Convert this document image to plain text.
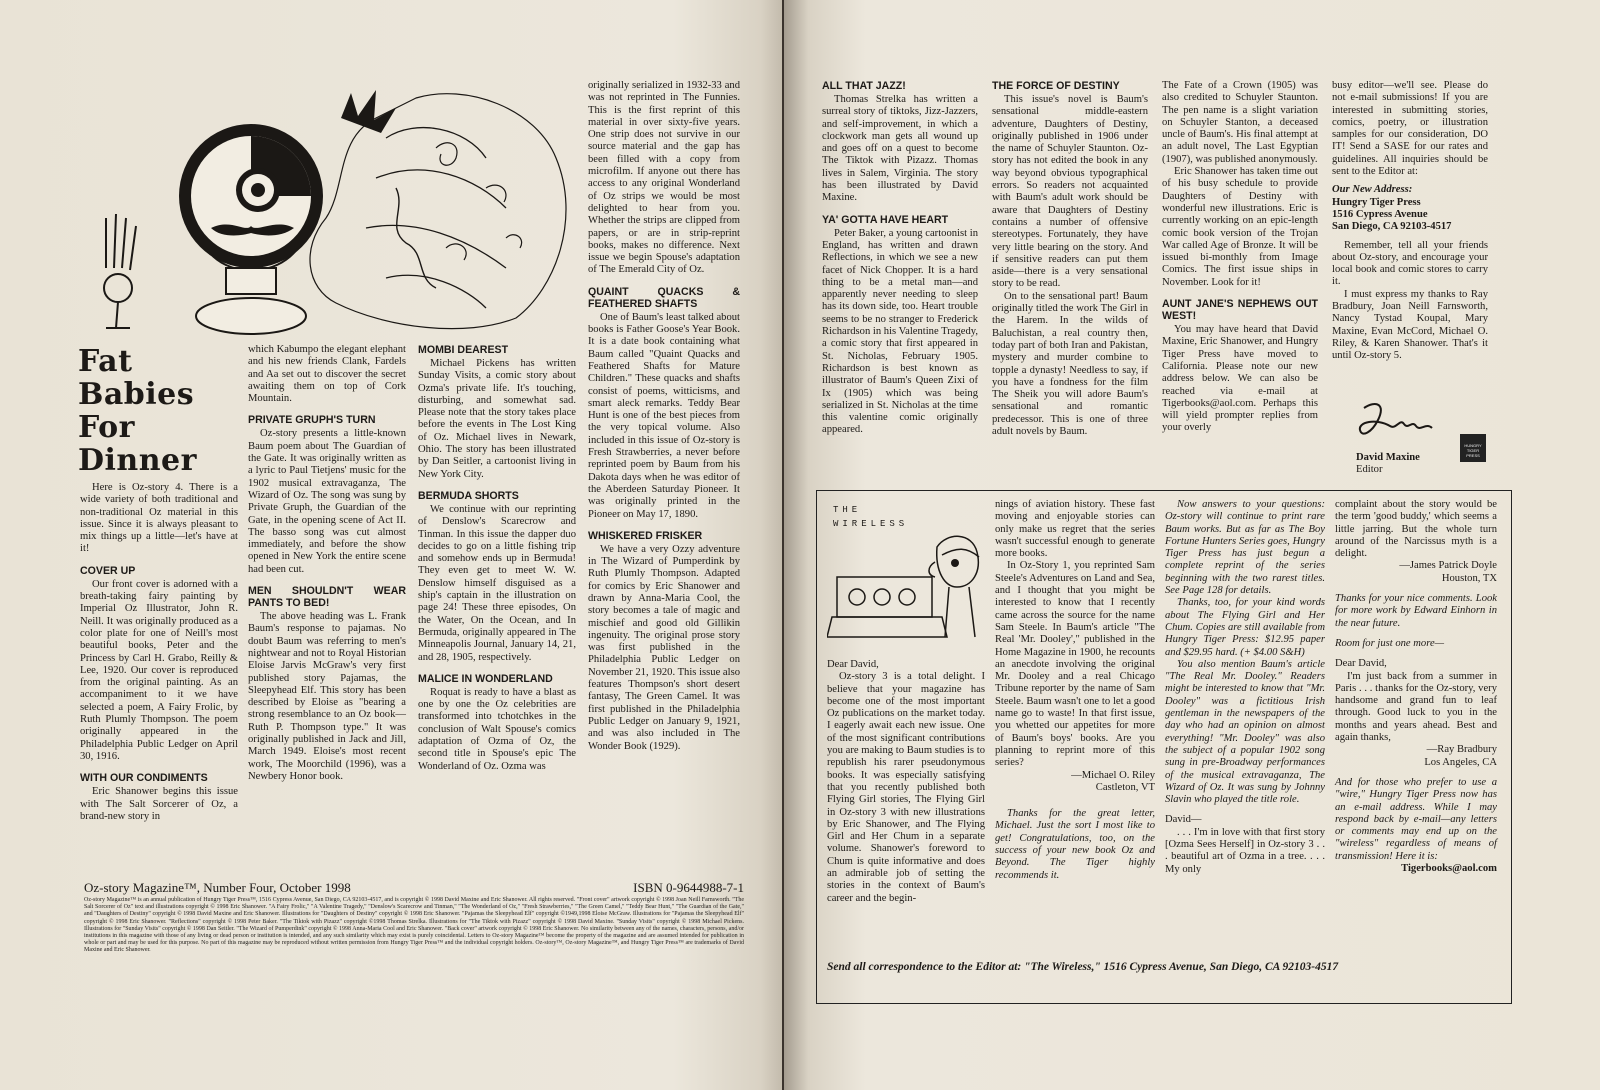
Fat
Babies
For
Dinner

Here is Oz-story 4. There is a wide variety of both traditional and non-traditional Oz material in this issue. Since it is always pleasant to mix things up a little—let's have at it!

COVER UP

Our front cover is adorned with a breath-taking fairy painting by Imperial Oz Illustrator, John R. Neill. It was originally produced as a color plate for one of Neill's most beautiful books, Peter and the Princess by Carl H. Grabo, Reilly & Lee, 1920. Our cover is reproduced from the original painting. As an accompaniment to it we have selected a poem, A Fairy Frolic, by Ruth Plumly Thompson. The poem originally appeared in the Philadelphia Public Ledger on April 30, 1916.

WITH OUR CONDIMENTS

Eric Shanower begins this issue with The Salt Sorcerer of Oz, a brand-new story in

which Kabumpo the elegant elephant and his new friends Clank, Fardels and Aa set out to discover the secret awaiting them on top of Cork Mountain.

PRIVATE GRUPH'S TURN

Oz-story presents a little-known Baum poem about The Guardian of the Gate. It was originally written as a lyric to Paul Tietjens' music for the 1902 musical extravaganza, The Wizard of Oz. The song was sung by Private Gruph, the Guardian of the Gate, in the opening scene of Act II. The basso song was cut almost immediately, and before the show opened in New York the entire scene had been cut.

MEN SHOULDN'T WEAR PANTS TO BED!

The above heading was L. Frank Baum's response to pajamas. No doubt Baum was referring to men's nightwear and not to Royal Historian Eloise Jarvis McGraw's very first published story Pajamas, the Sleepyhead Elf. This story has been described by Eloise as "bearing a strong resemblance to an Oz book—Ruth P. Thompson type." It was originally published in Jack and Jill, March 1949. Eloise's most recent work, The Moorchild (1996), was a Newbery Honor book.

MOMBI DEAREST

Michael Pickens has written Sunday Visits, a comic story about Ozma's private life. It's touching, disturbing, and somewhat sad. Please note that the story takes place before the events in The Lost King of Oz. Michael lives in Newark, Ohio. The story has been illustrated by Dan Seitler, a cartoonist living in New York City.

BERMUDA SHORTS

We continue with our reprinting of Denslow's Scarecrow and Tinman. In this issue the dapper duo decides to go on a little fishing trip and somehow ends up in Bermuda! They even get to meet W. W. Denslow himself disguised as a ship's captain in the illustration on page 24! These three episodes, On the Water, On the Ocean, and In Bermuda, originally appeared in The Minneapolis Journal, January 14, 21, and 28, 1905, respectively.

MALICE IN WONDERLAND

Roquat is ready to have a blast as one by one the Oz celebrities are transformed into tchotchkes in the conclusion of Walt Spouse's comics adaptation of Ozma of Oz, the second title in Spouse's epic The Wonderland of Oz. Ozma was

originally serialized in 1932-33 and was not reprinted in The Funnies. This is the first reprint of this material in over sixty-five years. One strip does not survive in our source material and the gap has been filled with a copy from microfilm. If anyone out there has access to any original Wonderland of Oz strips we would be most delighted to hear from you. Whether the strips are clipped from papers, or are in strip-reprint books, makes no difference. Next issue we begin Spouse's adaptation of The Emerald City of Oz.

QUAINT QUACKS & FEATHERED SHAFTS

One of Baum's least talked about books is Father Goose's Year Book. It is a date book containing what Baum called "Quaint Quacks and Feathered Shafts for Mature Children." These quacks and shafts consist of poems, witticisms, and smart aleck remarks. Teddy Bear Hunt is one of the best pieces from the very topical volume. Also included in this issue of Oz-story is Fresh Strawberries, a never before reprinted poem by Baum from his Dakota days when he was editor of the Aberdeen Saturday Pioneer. It was originally printed in the Pioneer on May 17, 1890.

WHISKERED FRISKER

We have a very Ozzy adventure in The Wizard of Pumperdink by Ruth Plumly Thompson. Adapted for comics by Eric Shanower and drawn by Anna-Maria Cool, the story becomes a tale of magic and mischief and good old Gillikin ingenuity. The original prose story was first published in the Philadelphia Public Ledger on November 21, 1920. This issue also features Thompson's short desert fantasy, The Green Camel. It was first published in the Philadelphia Public Ledger on January 9, 1921, and was also included in The Wonder Book (1929).

Oz-story Magazine™, Number Four, October 1998	ISBN 0-9644988-7-1
Oz-story Magazine™ is an annual publication of Hungry Tiger Press™, 1516 Cypress Avenue, San Diego, CA 92103-4517, and is copyright © 1998 David Maxine and Eric Shanower. All rights reserved. "Front cover" artwork copyright © 1998 Joan Neill Farnsworth. "The Salt Sorcerer of Oz" text and illustrations copyright © 1998 Eric Shanower. "A Fairy Frolic," "A Valentine Tragedy," "Denslow's Scarecrow and Tinman," "The Wonderland of Oz," "Fresh Strawberries," "The Green Camel," "Teddy Bear Hunt," "The Guardian of the Gate," and "Daughters of Destiny" copyright © 1998 David Maxine and Eric Shanower. Illustrations for "Daughters of Destiny" copyright © 1998 Eric Shanower. "Pajamas the Sleepyhead Elf" copyright ©1949,1998 Eloise McGraw. Illustrations for "Pajamas the Sleepyhead Elf" copyright © 1998 Eric Shanower. "Reflections" copyright © 1998 Peter Baker. "The Tiktok with Pizazz" copyright ©1998 Thomas Strelka. Illustrations for "The Tiktok with Pizazz" copyright © 1998 David Maxine. "Sunday Visits" copyright © 1998 Michael Pickens. Illustrations for "Sunday Visits" copyright © 1998 Dan Seitler. "The Wizard of Pumperdink" copyright © 1998 Anna-Maria Cool and Eric Shanower. "Back cover" artwork copyright © 1998 Eric Shanower. No similarity between any of the names, characters, persons, and/or institutions in this magazine with those of any living or dead person or institution is intended, and any such similarity which may exist is purely coincidental. Letters to Oz-story Magazine™ become the property of the magazine and are assumed intended for publication in whole or part and may be used for this purpose. No part of this magazine may be reproduced without written permission from Hungry Tiger Press™ and the individual copyright holders. Oz-story™, Oz-story Magazine™, and Hungry Tiger Press™ are trademarks of David Maxine and Eric Shanower.
ALL THAT JAZZ!

Thomas Strelka has written a surreal story of tiktoks, Jizz-Jazzers, and self-improvement, in which a clockwork man gets all wound up and goes off on a quest to become The Tiktok with Pizazz. Thomas lives in Salem, Virginia. The story has been illustrated by David Maxine.

YA' GOTTA HAVE HEART

Peter Baker, a young cartoonist in England, has written and drawn Reflections, in which we see a new facet of Nick Chopper. It is a hard thing to be a metal man—and apparently never needing to sleep has its down side, too. Heart trouble seems to be no stranger to Frederick Richardson in his Valentine Tragedy, a comic story that first appeared in St. Nicholas, February 1905. Richardson is best known as illustrator of Baum's Queen Zixi of Ix (1905) which was being serialized in St. Nicholas at the time this valentine comic originally appeared.

THE FORCE OF DESTINY

This issue's novel is Baum's sensational middle-eastern adventure, Daughters of Destiny, originally published in 1906 under the name of Schuyler Staunton. Oz-story has not edited the book in any way beyond obvious typographical errors. So readers not acquainted with Baum's adult work should be aware that Daughters of Destiny contains a number of offensive stereotypes. Fortunately, they have very little bearing on the story. And if sensitive readers can put them aside—there is a very sensational story to be read.

On to the sensational part! Baum originally titled the work The Girl in the Harem. In the wilds of Baluchistan, a real country then, today part of both Iran and Pakistan, mystery and murder combine to topple a dynasty! Needless to say, if you have a fondness for the film The Sheik you will adore Baum's sensational and romantic predecessor. This is one of three adult novels by Baum.

The Fate of a Crown (1905) was also credited to Schuyler Staunton. The pen name is a slight variation on Schuyler Stanton, a deceased uncle of Baum's. His final attempt at an adult novel, The Last Egyptian (1907), was published anonymously.

Eric Shanower has taken time out of his busy schedule to provide Daughters of Destiny with wonderful new illustrations. Eric is currently working on an epic-length comic book version of the Trojan War called Age of Bronze. It will be issued bi-monthly from Image Comics. The first issue ships in November. Look for it!

AUNT JANE'S NEPHEWS OUT WEST!

You may have heard that David Maxine, Eric Shanower, and Hungry Tiger Press have moved to California. Please note our new address below. We can also be reached via e-mail at Tigerbooks@aol.com. Perhaps this will yield prompter replies from your overly

busy editor—we'll see. Please do not e-mail submissions! If you are interested in submitting stories, comics, poetry, or illustration samples for our consideration, DO IT! Send a SASE for our rates and guidelines. All inquiries should be sent to the Editor at:

Our New Address:
Hungry Tiger Press
1516 Cypress Avenue
San Diego, CA 92103-4517

Remember, tell all your friends about Oz-story, and encourage your local book and comic stores to carry it.

I must express my thanks to Ray Bradbury, Joan Neill Farnsworth, Nancy Tystad Koupal, Mary Maxine, Evan McCord, Michael O. Riley, & Karen Shanower. That's it until Oz-story 5.

David Maxine
Editor
HUNGRY TIGER PRESS
THE WIRELESS

Dear David,

Oz-story 3 is a total delight. I believe that your magazine has become one of the most important Oz publications on the market today. I eagerly await each new issue. One of the most significant contributions you are making to Baum studies is to republish his rarer pseudonymous books. It was especially satisfying that you recently published both Flying Girl stories, The Flying Girl in Oz-story 3 with new illustrations by Eric Shanower, and The Flying Girl and Her Chum in a separate volume. Shanower's foreword to Chum is quite informative and does an admirable job of setting the stories in the context of Baum's career and the begin-

nings of aviation history. These fast moving and enjoyable stories can only make us regret that the series wasn't successful enough to generate more books.

In Oz-Story 1, you reprinted Sam Steele's Adventures on Land and Sea, and I thought that you might be interested to know that I recently came across the source for the name Sam Steele. In Baum's article "The Real 'Mr. Dooley'," published in the Home Magazine in 1900, he recounts an anecdote involving the original Mr. Dooley and a real Chicago Tribune reporter by the name of Sam Steele. Baum wasn't one to let a good name go to waste! In that first issue, you whetted our appetites for more of Baum's boys' books. Are you planning to reprint more of this series?

—Michael O. Riley

Castleton, VT

Thanks for the great letter, Michael. Just the sort I most like to get! Congratulations, too, on the success of your new book Oz and Beyond. The Tiger highly recommends it.

Now answers to your questions: Oz-story will continue to print rare Baum works. But as far as The Boy Fortune Hunters Series goes, Hungry Tiger Press has just begun a complete reprint of the series beginning with the two rarest titles. See Page 128 for details.

Thanks, too, for your kind words about The Flying Girl and Her Chum. Copies are still available from Hungry Tiger Press: $12.95 paper and $29.95 hard. (+ $4.00 S&H)

You also mention Baum's article "The Real Mr. Dooley." Readers might be interested to know that "Mr. Dooley" was a fictitious Irish gentleman in the newspapers of the day who had an opinion on almost everything! "Mr. Dooley" was also the subject of a popular 1902 song sung in pre-Broadway performances of the musical extravaganza, The Wizard of Oz. It was sung by Johnny Slavin who played the title role.

David—

. . . I'm in love with that first story [Ozma Sees Herself] in Oz-story 3 . . . beautiful art of Ozma in a tree. . . . My only

complaint about the story would be the term 'good buddy,' which seems a little jarring. But the whole turn around of the Narcissus myth is a delight.

—James Patrick Doyle

Houston, TX

Thanks for your nice comments. Look for more work by Edward Einhorn in the near future.

Room for just one more—

Dear David,

I'm just back from a summer in Paris . . . thanks for the Oz-story, very handsome and grand fun to leaf through. Good luck to you in the months and years ahead. Best and again thanks,

—Ray Bradbury

Los Angeles, CA

And for those who prefer to use a "wire," Hungry Tiger Press now has an e-mail address. While I may respond back by e-mail—any letters or comments may end up on the "wireless" regardless of means of transmission! Here it is:

Tigerbooks@aol.com

Send all correspondence to the Editor at: "The Wireless," 1516 Cypress Avenue, San Diego, CA 92103-4517
